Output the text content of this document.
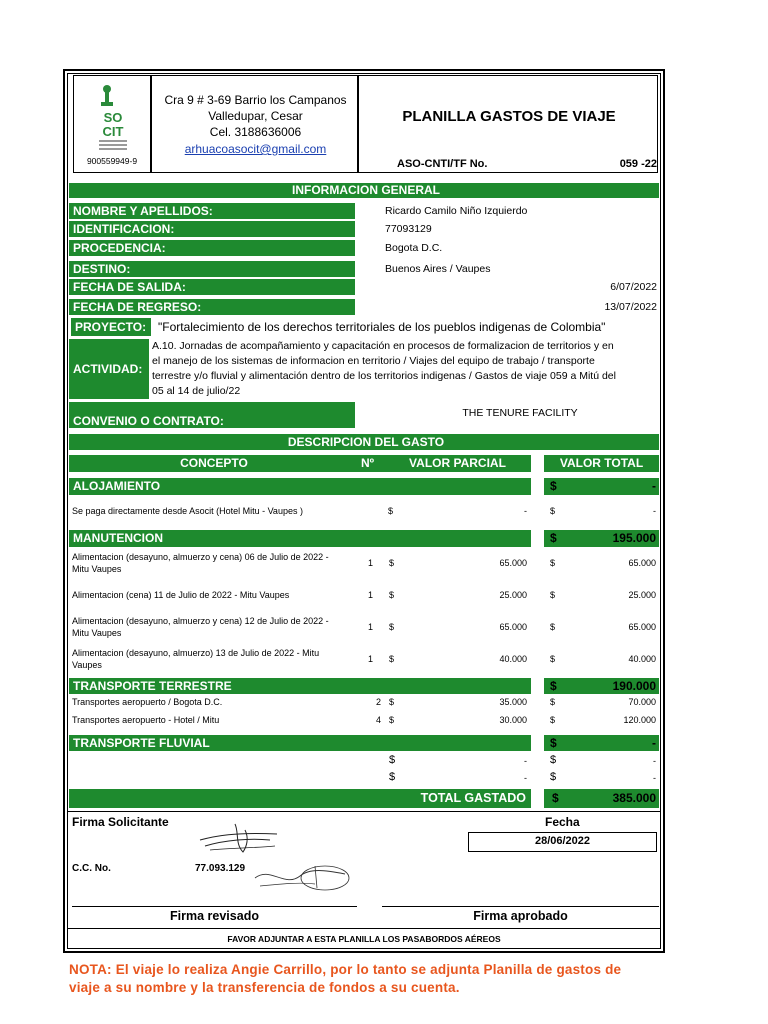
SO
CIT
900559949-9
Cra 9 # 3-69 Barrio los Campanos
Valledupar, Cesar
Cel. 3188636006
arhuacoasocit@gmail.com
PLANILLA GASTOS DE VIAJE
ASO-CNTI/TF No.	059 -22
INFORMACION GENERAL
NOMBRE Y APELLIDOS:	Ricardo Camilo Niño Izquierdo
IDENTIFICACION:	77093129
PROCEDENCIA:	Bogota D.C.
DESTINO:	Buenos Aires / Vaupes
FECHA DE SALIDA:	6/07/2022
FECHA DE REGRESO:	13/07/2022
PROYECTO: "Fortalecimiento de los derechos territoriales de los pueblos indigenas de Colombia"
ACTIVIDAD:
A.10. Jornadas de acompañamiento y capacitación en procesos de formalizacion de territorios y en
el manejo de los sistemas de informacion en territorio / Viajes del equipo de trabajo / transporte
terrestre y/o fluvial y alimentación dentro de los territorios indigenas / Gastos de viaje 059 a Mitú del
05 al 14 de julio/22
CONVENIO O CONTRATO:
THE TENURE FACILITY
DESCRIPCION DEL GASTO
CONCEPTO	Nº	VALOR PARCIAL	VALOR TOTAL
ALOJAMIENTO	$	-
Se paga directamente desde Asocit (Hotel Mitu - Vaupes )	$	-	$	-
MANUTENCION	$	195.000
Alimentacion (desayuno, almuerzo y cena) 06 de Julio de 2022 -
Mitu Vaupes
1 $	65.000	$	65.000
Alimentacion (cena) 11 de Julio de 2022 - Mitu Vaupes	1 $	25.000	$	25.000
Alimentacion (desayuno, almuerzo y cena) 12 de Julio de 2022 -
Mitu Vaupes
1 $	65.000	$	65.000
Alimentacion (desayuno, almuerzo) 13 de Julio de 2022 - Mitu
Vaupes
1 $	40.000	$	40.000
TRANSPORTE TERRESTRE	$	190.000
Transportes aeropuerto / Bogota D.C.	2 $	35.000	$	70.000
Transportes aeropuerto - Hotel / Mitu	4 $	30.000	$	120.000
TRANSPORTE FLUVIAL	$	-
$	- $	-
$	- $	-
TOTAL GASTADO $	385.000
Firma Solicitante	Fecha
28/06/2022
C.C. No.	77.093.129
Firma revisado	Firma aprobado
FAVOR ADJUNTAR A ESTA PLANILLA LOS PASABORDOS AÉREOS
NOTA: El viaje lo realiza Angie Carrillo, por lo tanto se adjunta Planilla de gastos de
viaje a su nombre y la transferencia de fondos a su cuenta.
